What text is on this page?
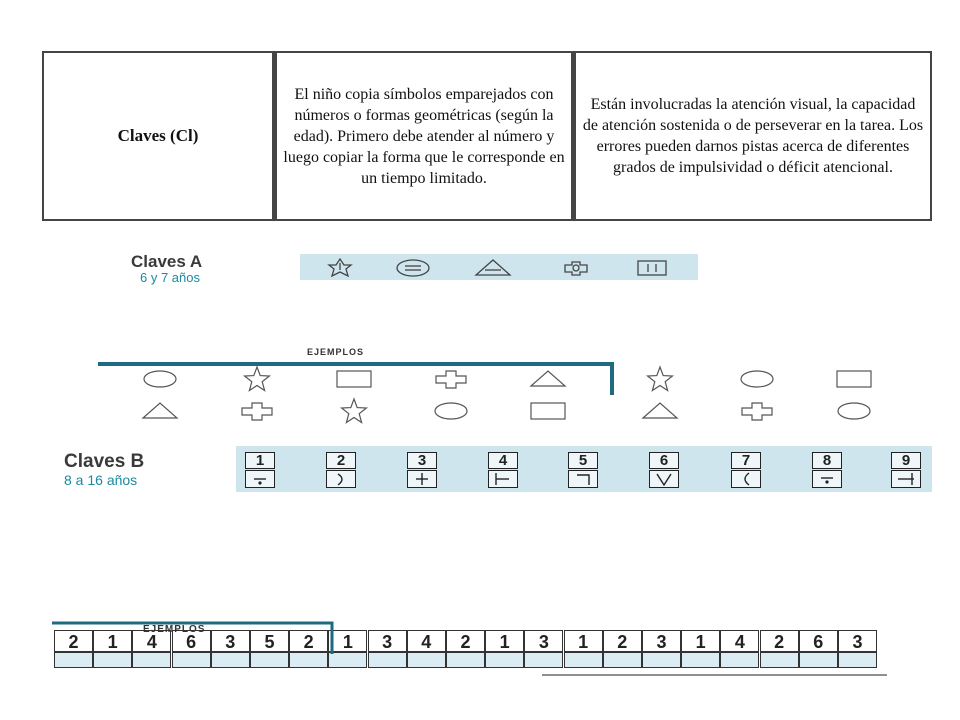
Claves (Cl)	El niño copia símbolos emparejados con números o formas geométricas (según la edad). Primero debe atender al número y luego copiar la forma que le corresponde en un tiempo limitado.	Están involucradas la atención visual, la capacidad de atención sostenida o de perseverar en la tarea. Los errores pueden darnos pistas acerca de diferentes grados de impulsividad o déficit atencional.
Claves A
6 y 7 años
EJEMPLOS
Claves B
8 a 16 años
1	2	3	4	5	6	7	8	9
EJEMPLOS
2	1	4	6	3	5	2	1	3	4	2	1	3	1	2	3	1	4	2	6	3
